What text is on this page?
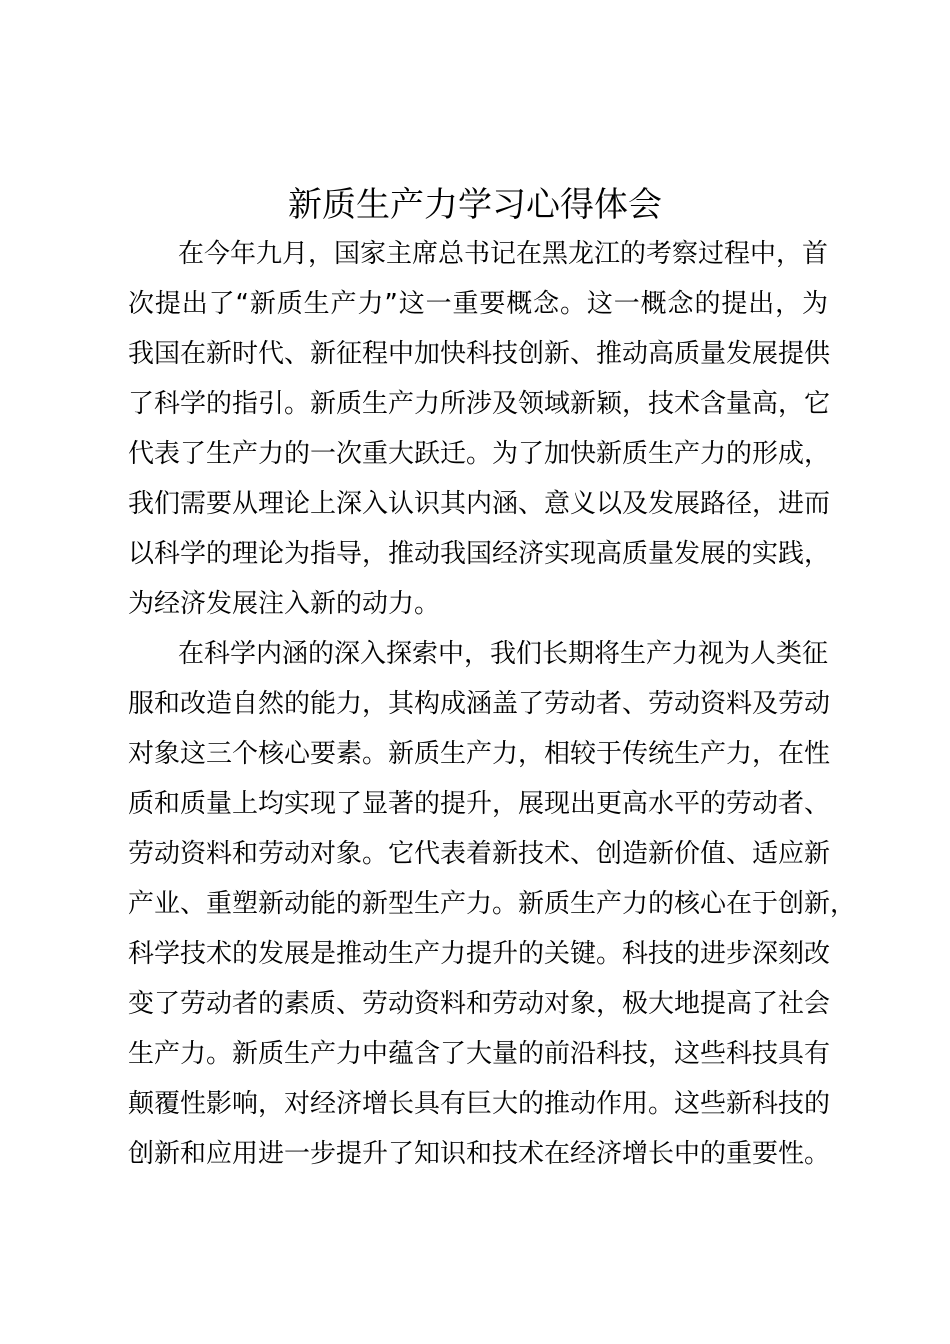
新质生产力学习心得体会

在今年九月，国家主席总书记在黑龙江的考察过程中，首

次提出了“新质生产力”这一重要概念。这一概念的提出，为

我国在新时代、新征程中加快科技创新、推动高质量发展提供

了科学的指引。新质生产力所涉及领域新颖，技术含量高，它

代表了生产力的一次重大跃迁。为了加快新质生产力的形成，

我们需要从理论上深入认识其内涵、意义以及发展路径，进而

以科学的理论为指导，推动我国经济实现高质量发展的实践，

为经济发展注入新的动力。

在科学内涵的深入探索中，我们长期将生产力视为人类征

服和改造自然的能力，其构成涵盖了劳动者、劳动资料及劳动

对象这三个核心要素。新质生产力，相较于传统生产力，在性

质和质量上均实现了显著的提升，展现出更高水平的劳动者、

劳动资料和劳动对象。它代表着新技术、创造新价值、适应新

产业、重塑新动能的新型生产力。新质生产力的核心在于创新，

科学技术的发展是推动生产力提升的关键。科技的进步深刻改

变了劳动者的素质、劳动资料和劳动对象，极大地提高了社会

生产力。新质生产力中蕴含了大量的前沿科技，这些科技具有

颠覆性影响，对经济增长具有巨大的推动作用。这些新科技的

创新和应用进一步提升了知识和技术在经济增长中的重要性。
